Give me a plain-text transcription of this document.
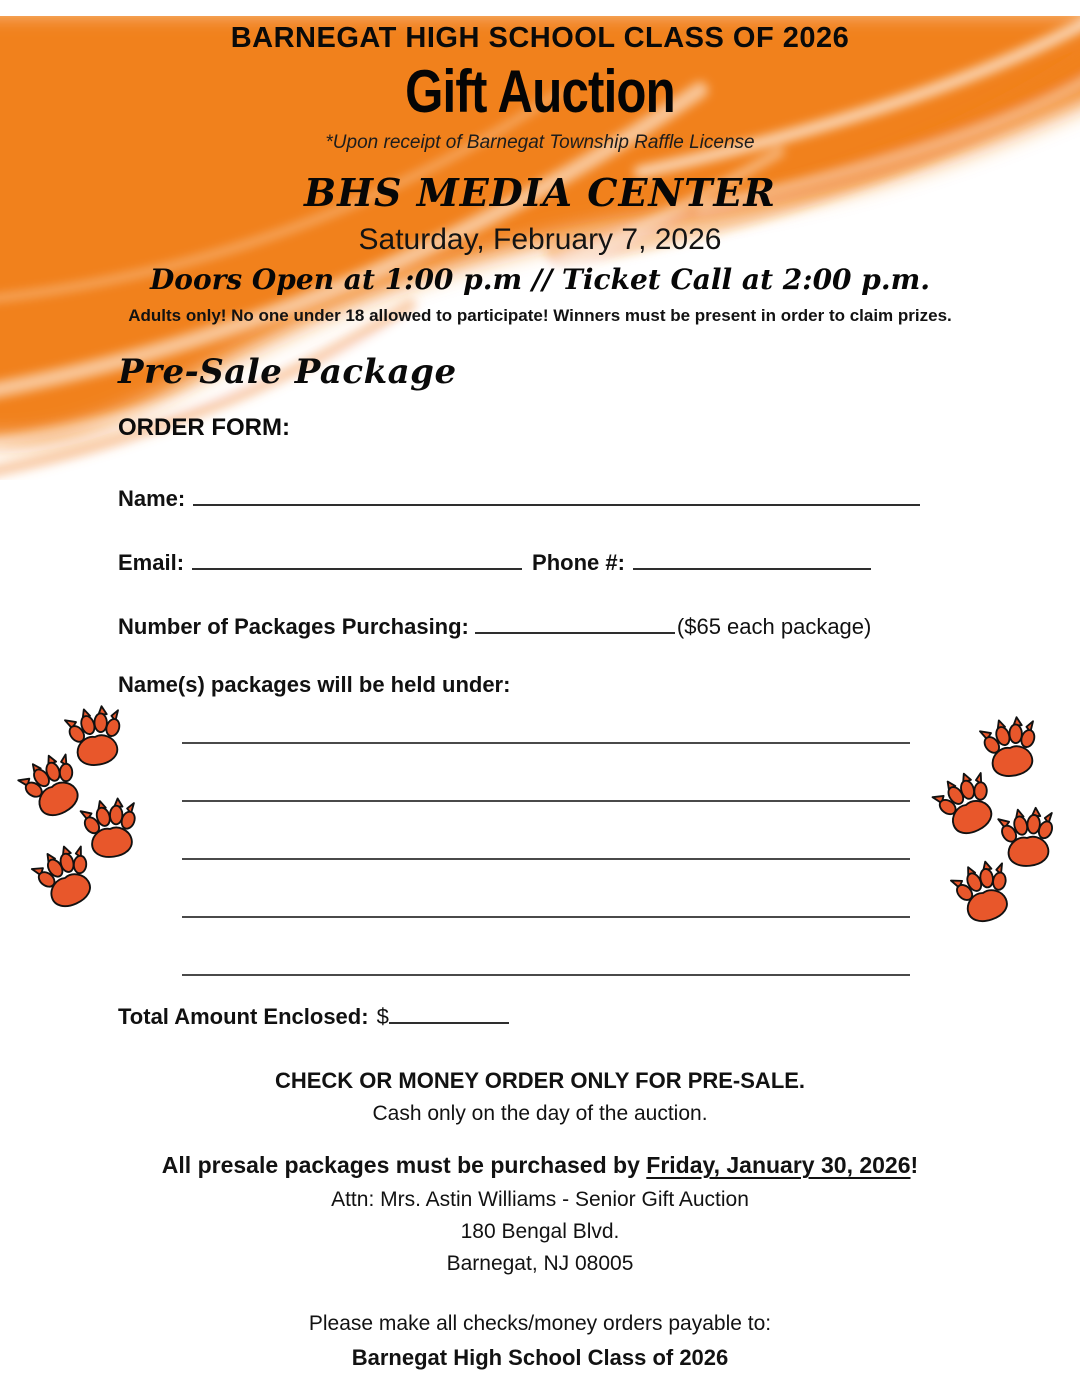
BARNEGAT HIGH SCHOOL CLASS OF 2026
Gift Auction
*Upon receipt of Barnegat Township Raffle License
BHS MEDIA CENTER
Saturday, February 7, 2026
Doors Open at 1:00 p.m // Ticket Call at 2:00 p.m.
Adults only! No one under 18 allowed to participate! Winners must be present in order to claim prizes.
Pre-Sale Package
ORDER FORM:
Name:
Email:	Phone #:
Number of Packages Purchasing:	($65 each package)
Name(s) packages will be held under:
Total Amount Enclosed: $
CHECK OR MONEY ORDER ONLY FOR PRE-SALE.
Cash only on the day of the auction.
All presale packages must be purchased by Friday, January 30, 2026!
Attn: Mrs. Astin Williams - Senior Gift Auction
180 Bengal Blvd.
Barnegat, NJ 08005
Please make all checks/money orders payable to:
Barnegat High School Class of 2026
